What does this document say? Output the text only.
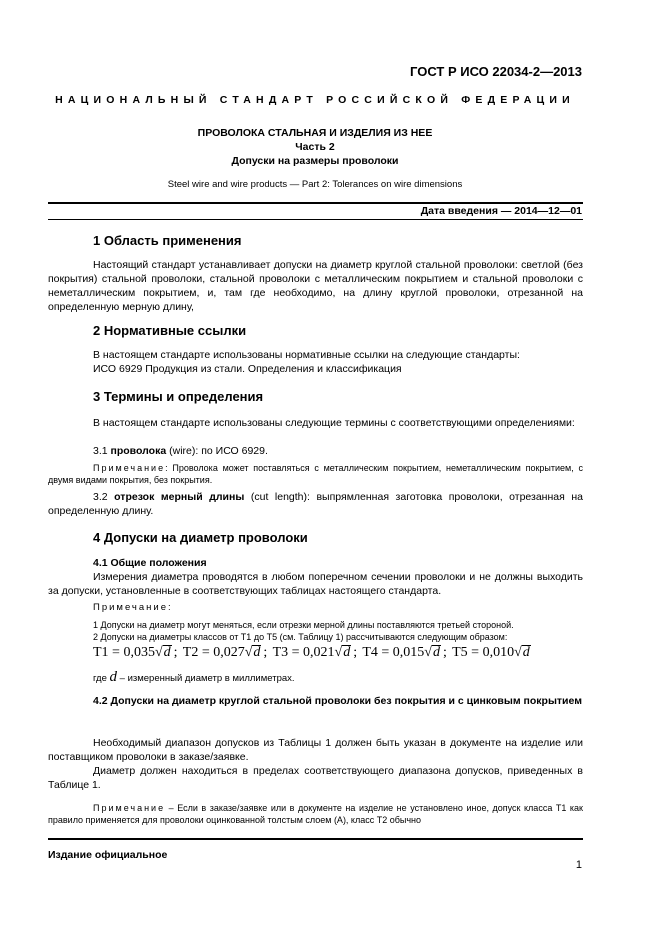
ГОСТ Р ИСО 22034-2—2013
НАЦИОНАЛЬНЫЙ СТАНДАРТ РОССИЙСКОЙ ФЕДЕРАЦИИ
ПРОВОЛОКА СТАЛЬНАЯ И ИЗДЕЛИЯ ИЗ НЕЕ
Часть 2
Допуски на размеры проволоки
Steel wire and wire products — Part 2: Tolerances on wire dimensions
Дата введения — 2014—12—01
1 Область применения

Настоящий стандарт устанавливает допуски на диаметр круглой стальной проволоки: светлой (без покрытия) стальной проволоки, стальной проволоки с металлическим покрытием и стальной проволоки с неметаллическим покрытием, и, там где необходимо, на длину круглой проволоки, отрезанной на определенную мерную длину,

2 Нормативные ссылки
В настоящем стандарте использованы нормативные ссылки на следующие стандарты:
ИСО 6929 Продукция из стали. Определения и классификация
3 Термины и определения

В настоящем стандарте использованы следующие термины с соответствующими определениями:

3.1 проволока (wire): по ИСО 6929.

Примечание: Проволока может поставляться с металлическим покрытием, неметаллическим покрытием, с двумя видами покрытия, без покрытия.

3.2 отрезок мерный длины (cut length): выпрямленная заготовка проволоки, отрезанная на определенную длину.

4 Допуски на диаметр проволоки
4.1 Общие положения

Измерения диаметра проводятся в любом поперечном сечении проволоки и не должны выходить за допуски, установленные в соответствующих таблицах настоящего стандарта.

Примечание:
1 Допуски на диаметр могут меняться, если отрезки мерной длины поставляются третьей стороной.
2 Допуски на диаметры классов от Т1 до Т5 (см. Таблицу 1) рассчитываются следующим образом:
T1 = 0,035√d ; T2 = 0,027√d ; T3 = 0,021√d ; T4 = 0,015√d ; T5 = 0,010√d
где d – измеренный диаметр в миллиметрах.

4.2 Допуски на диаметр круглой стальной проволоки без покрытия и с цинковым покрытием

Необходимый диапазон допусков из Таблицы 1 должен быть указан в документе на изделие или поставщиком проволоки в заказе/заявке.

Диаметр должен находиться в пределах соответствующего диапазона допусков, приведенных в Таблице 1.

Примечание – Если в заказе/заявке или в документе на изделие не установлено иное, допуск класса Т1 как правило применяется для проволоки оцинкованной толстым слоем (А), класс Т2 обычно

Издание официальное
1
